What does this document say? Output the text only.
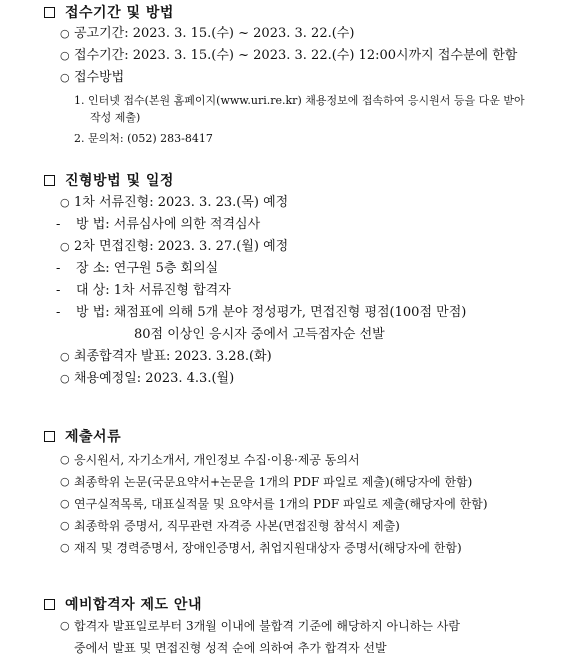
접수기간 및 방법
○ 공고기간: 2023. 3. 15.(수) ~ 2023. 3. 22.(수)
○ 접수기간: 2023. 3. 15.(수) ~ 2023. 3. 22.(수) 12:00시까지 접수분에 한함
○ 접수방법
1. 인터넷 접수(본원 홈페이지(www.uri.re.kr) 채용정보에 접속하여 응시원서 등을 다운 받아
작성 제출)
2. 문의처: (052) 283-8417
진형방법 및 일정
○ 1차 서류진형: 2023. 3. 23.(목) 예정
-	방 법: 서류심사에 의한 적격심사
○ 2차 면접진형: 2023. 3. 27.(월) 예정
-	장 소: 연구원 5층 회의실
-	대 상: 1차 서류진형 합격자
-	방 법: 채점표에 의해 5개 분야 정성평가, 면접진형 평점(100점 만점)
80점 이상인 응시자 중에서 고득점자순 선발
○ 최종합격자 발표: 2023. 3.28.(화)
○ 채용예정일: 2023. 4.3.(월)
제출서류
○ 응시원서, 자기소개서, 개인정보 수집·이용·제공 동의서
○ 최종학위 논문(국문요약서+논문을 1개의 PDF 파일로 제출)(해당자에 한함)
○ 연구실적목록, 대표실적물 및 요약서를 1개의 PDF 파일로 제출(해당자에 한함)
○ 최종학위 증명서, 직무관련 자격증 사본(면접진형 참석시 제출)
○ 재직 및 경력증명서, 장애인증명서, 취업지원대상자 증명서(해당자에 한함)
예비합격자 제도 안내
○ 합격자 발표일로부터 3개월 이내에 불합격 기준에 해당하지 아니하는 사람
중에서 발표 및 면접진형 성적 순에 의하여 추가 합격자 선발
